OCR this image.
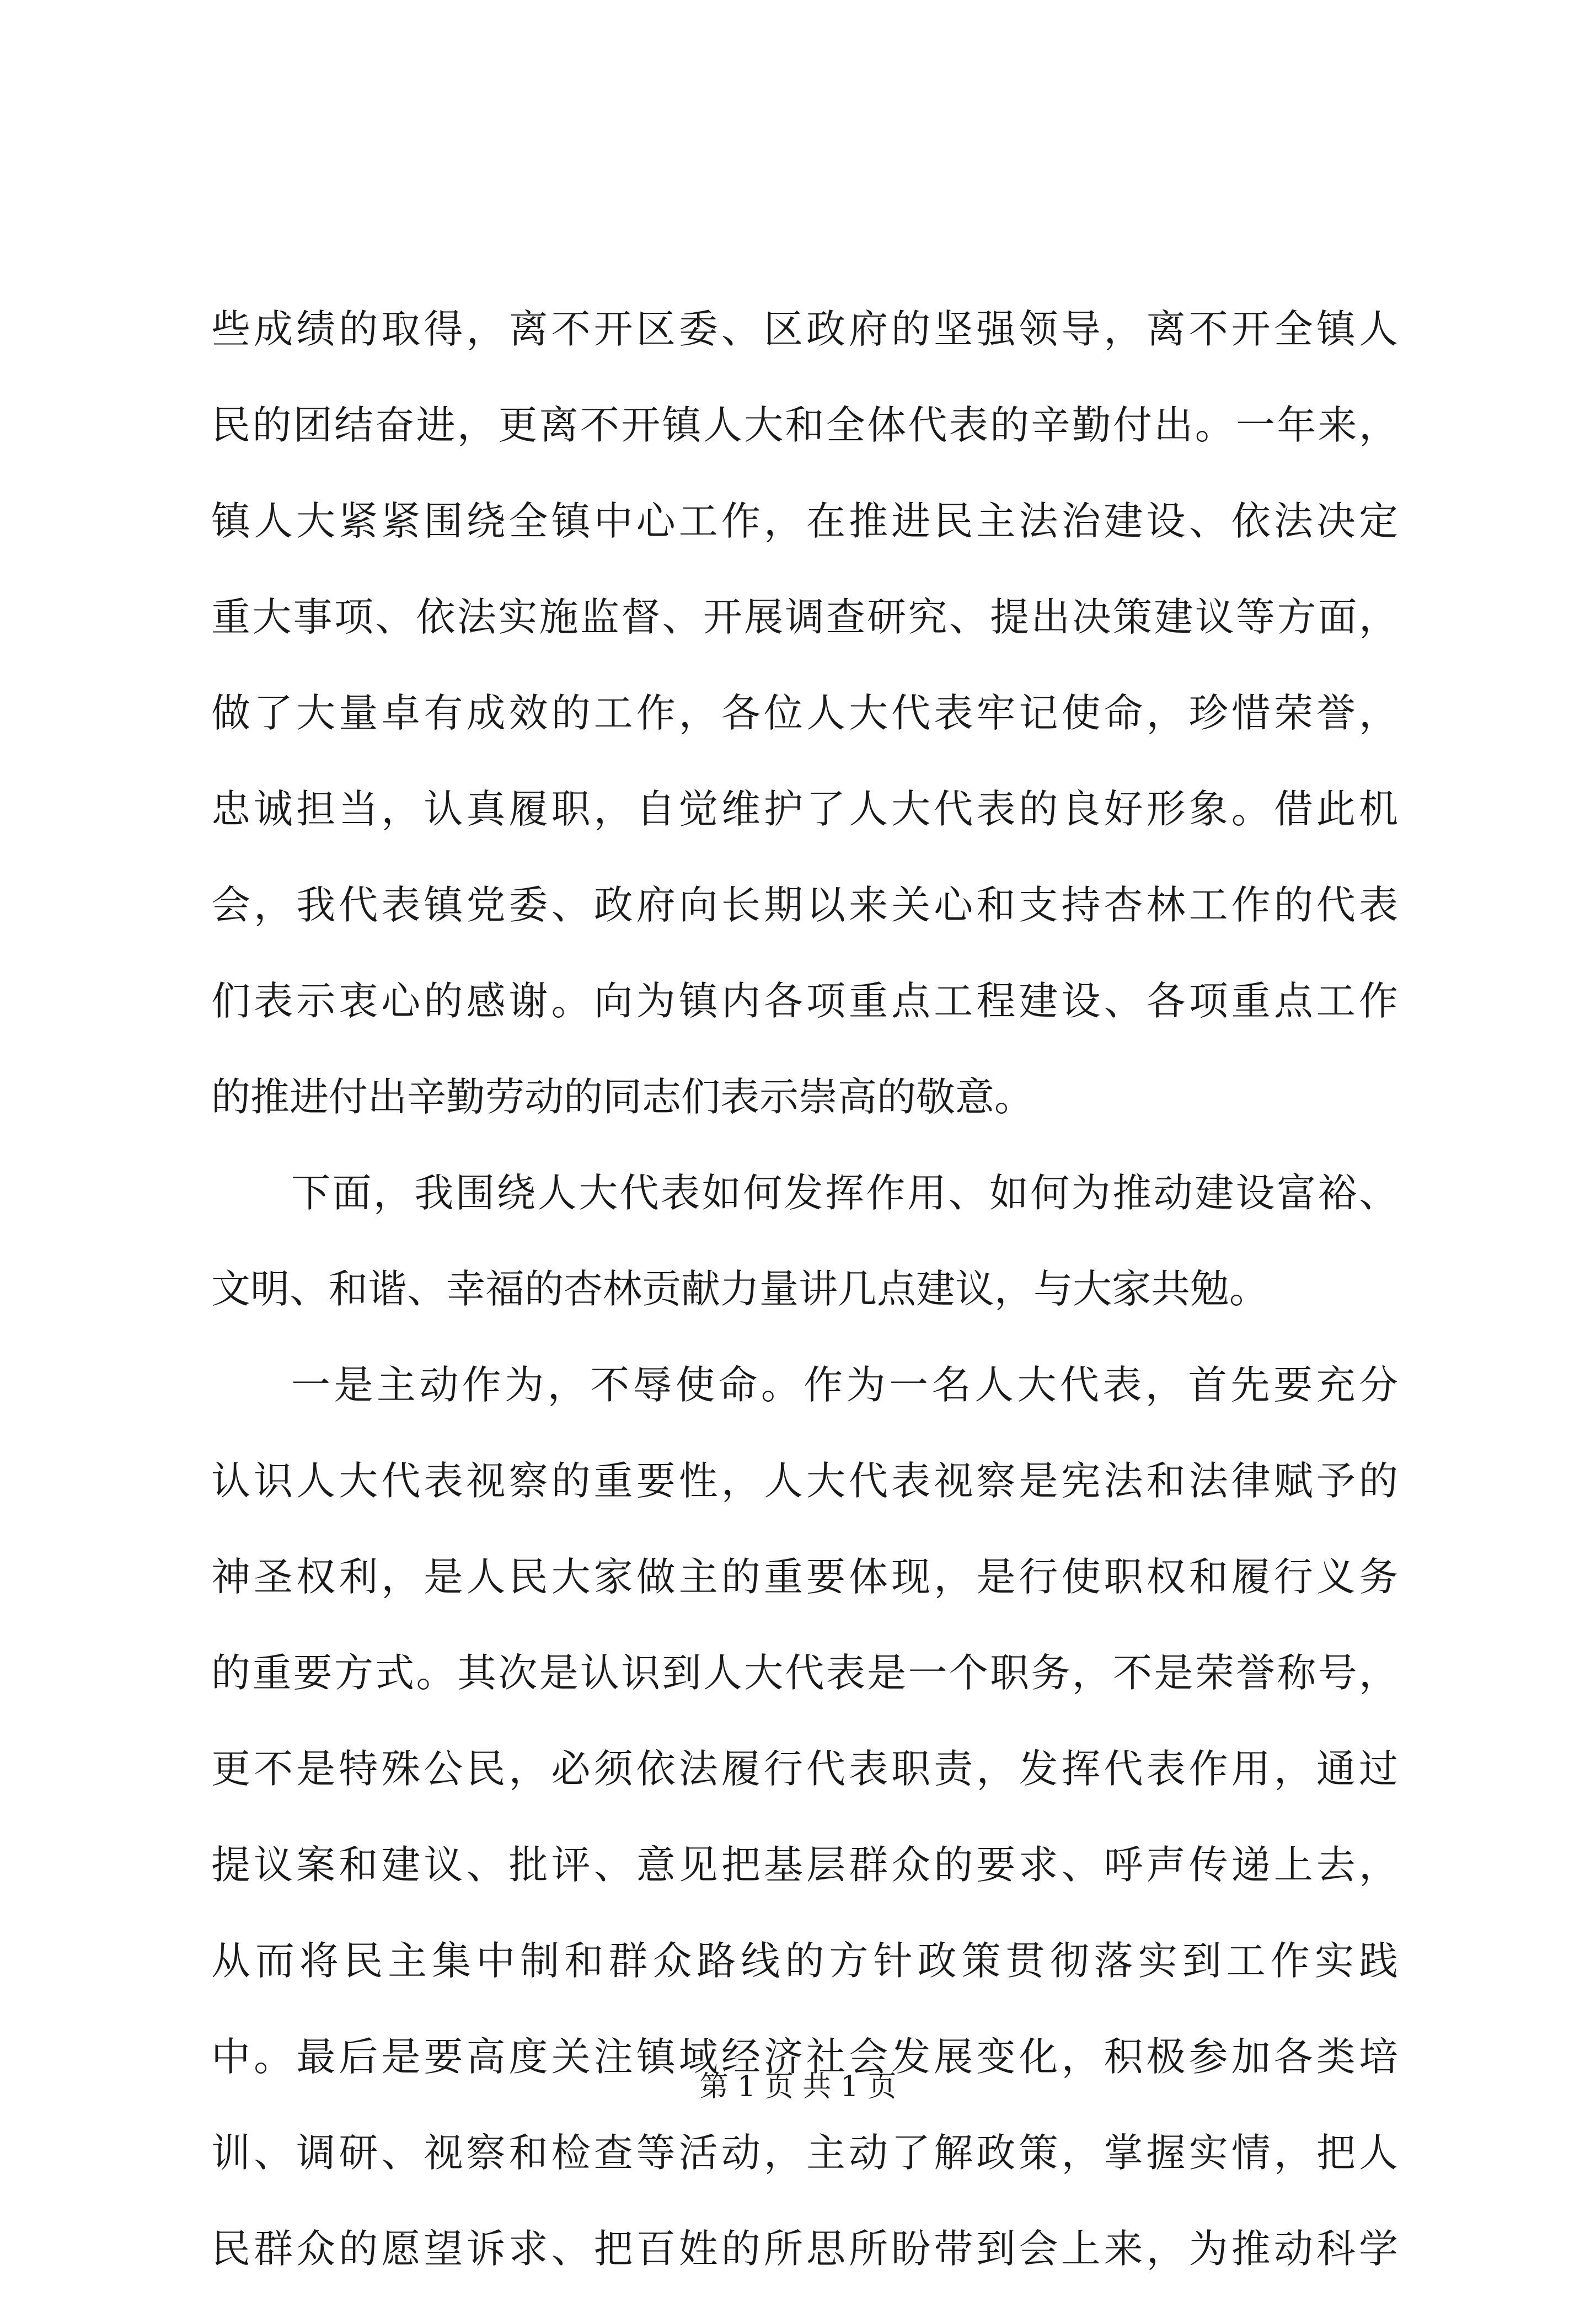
些成绩的取得，离不开区委、区政府的坚强领导，离不开全镇人
民的团结奋进，更离不开镇人大和全体代表的辛勤付出。一年来，
镇人大紧紧围绕全镇中心工作，在推进民主法治建设、依法决定
重大事项、依法实施监督、开展调查研究、提出决策建议等方面，
做了大量卓有成效的工作，各位人大代表牢记使命，珍惜荣誉，
忠诚担当，认真履职，自觉维护了人大代表的良好形象。借此机
会，我代表镇党委、政府向长期以来关心和支持杏林工作的代表
们表示衷心的感谢。向为镇内各项重点工程建设、各项重点工作
的推进付出辛勤劳动的同志们表示崇高的敬意。
下面，我围绕人大代表如何发挥作用、如何为推动建设富裕、
文明、和谐、幸福的杏林贡献力量讲几点建议，与大家共勉。
一是主动作为，不辱使命。作为一名人大代表，首先要充分
认识人大代表视察的重要性，人大代表视察是宪法和法律赋予的
神圣权利，是人民大家做主的重要体现，是行使职权和履行义务
的重要方式。其次是认识到人大代表是一个职务，不是荣誉称号，
更不是特殊公民，必须依法履行代表职责，发挥代表作用，通过
提议案和建议、批评、意见把基层群众的要求、呼声传递上去，
从而将民主集中制和群众路线的方针政策贯彻落实到工作实践
中。最后是要高度关注镇域经济社会发展变化，积极参加各类培
训、调研、视察和检查等活动，主动了解政策，掌握实情，把人
民群众的愿望诉求、把百姓的所思所盼带到会上来，为推动科学
第 1 页 共 1 页
